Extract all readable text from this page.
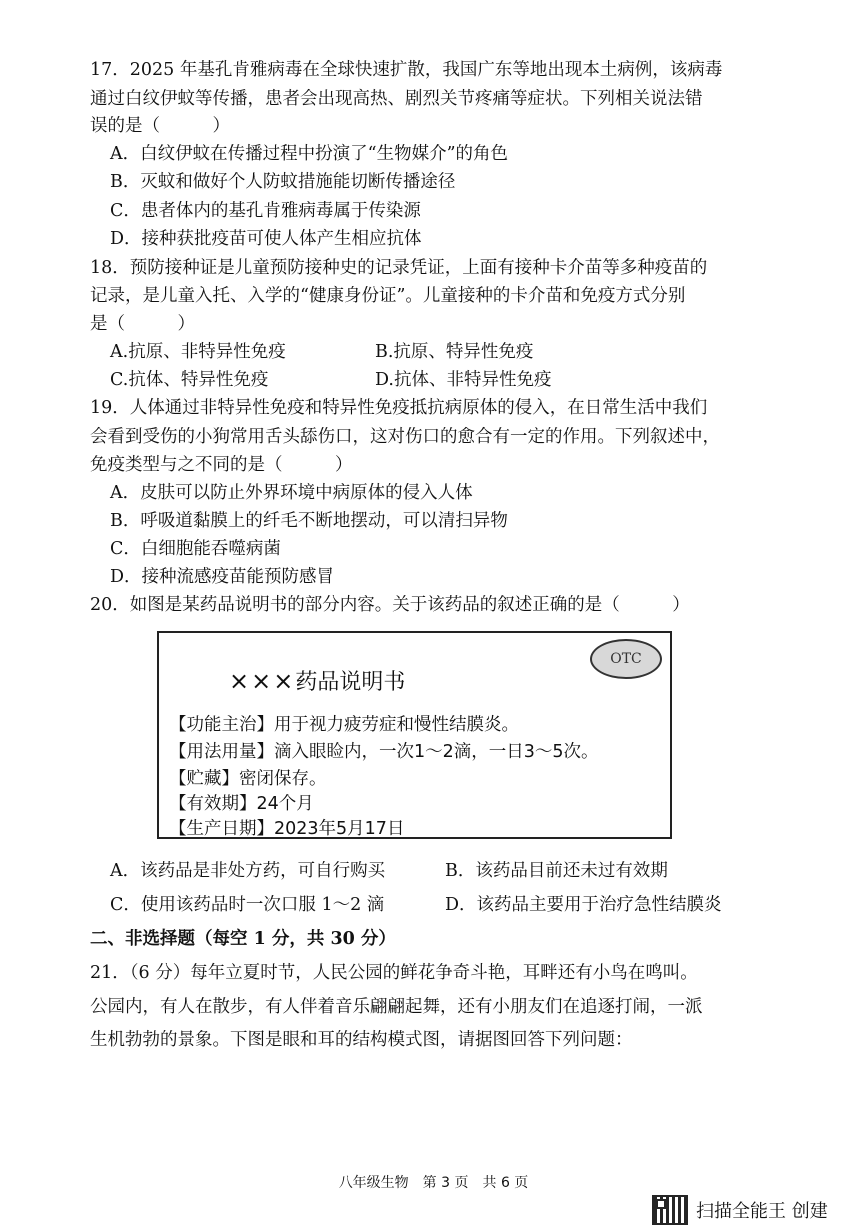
17．2025 年基孔肯雅病毒在全球快速扩散，我国广东等地出现本土病例，该病毒
通过白纹伊蚊等传播，患者会出现高热、剧烈关节疼痛等症状。下列相关说法错
误的是（　　　）
A．白纹伊蚊在传播过程中扮演了“生物媒介”的角色
B．灭蚊和做好个人防蚊措施能切断传播途径
C．患者体内的基孔肯雅病毒属于传染源
D．接种获批疫苗可使人体产生相应抗体
18．预防接种证是儿童预防接种史的记录凭证，上面有接种卡介苗等多种疫苗的
记录，是儿童入托、入学的“健康身份证”。儿童接种的卡介苗和免疫方式分别
是（　　　）
A.抗原、非特异性免疫	B.抗原、特异性免疫
C.抗体、特异性免疫	D.抗体、非特异性免疫
19．人体通过非特异性免疫和特异性免疫抵抗病原体的侵入，在日常生活中我们
会看到受伤的小狗常用舌头舔伤口，这对伤口的愈合有一定的作用。下列叙述中，
免疫类型与之不同的是（　　　）
A．皮肤可以防止外界环境中病原体的侵入人体
B．呼吸道黏膜上的纤毛不断地摆动，可以清扫异物
C．白细胞能吞噬病菌
D．接种流感疫苗能预防感冒
20．如图是某药品说明书的部分内容。关于该药品的叙述正确的是（　　　）
×××药品说明书
OTC
【功能主治】用于视力疲劳症和慢性结膜炎。
【用法用量】滴入眼睑内，一次1～2滴，一日3～5次。
【贮藏】密闭保存。
【有效期】24个月
【生产日期】2023年5月17日
A．该药品是非处方药，可自行购买	B．该药品目前还未过有效期
C．使用该药品时一次口服 1～2 滴	D．该药品主要用于治疗急性结膜炎
二、非选择题（每空 1 分，共 30 分）
21．（6 分）每年立夏时节，人民公园的鲜花争奇斗艳，耳畔还有小鸟在鸣叫。
公园内，有人在散步，有人伴着音乐翩翩起舞，还有小朋友们在追逐打闹，一派
生机勃勃的景象。下图是眼和耳的结构模式图，请据图回答下列问题：
八年级生物　第 3 页　共 6 页
扫描全能王 创建
